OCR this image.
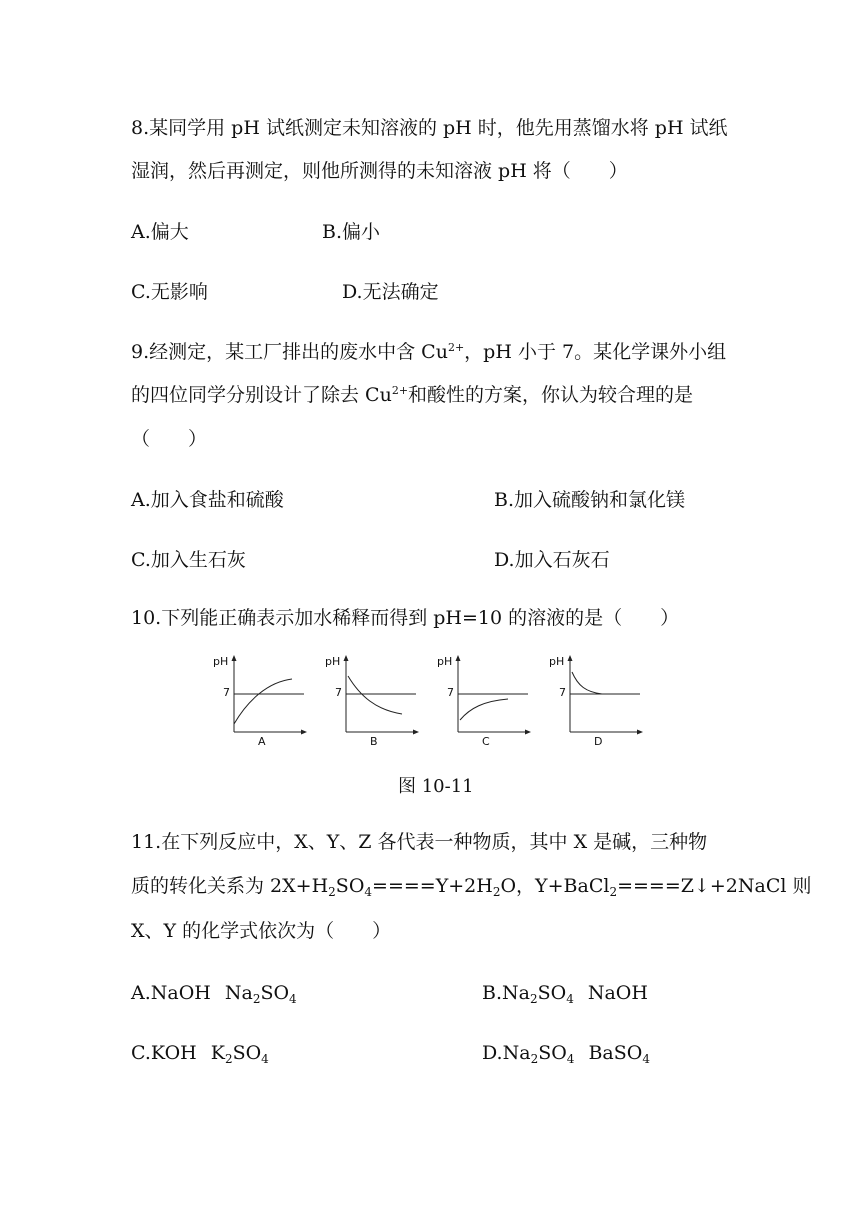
8.某同学用 pH 试纸测定未知溶液的 pH 时，他先用蒸馏水将 pH 试纸
湿润，然后再测定，则他所测得的未知溶液 pH 将（　　）
A.偏大	B.偏小
C.无影响	D.无法确定
9.经测定，某工厂排出的废水中含 $Cu^{2+}$，pH 小于 7。某化学课外小组
的四位同学分别设计了除去 $Cu^{2+}$和酸性的方案，你认为较合理的是
（　　）
A.加入食盐和硫酸	B.加入硫酸钠和氯化镁
C.加入生石灰	D.加入石灰石
10.下列能正确表示加水稀释而得到 pH=10 的溶液的是（　　）
pH
7
A
pH
7
B
pH
7
C
pH
7
D
图 10-11
11.在下列反应中，X、Y、Z 各代表一种物质，其中 X 是碱，三种物
质的转化关系为 $2X+H_2SO_4====Y+2H_2O$，Y+BaCl$_2$====Z↓+2NaCl 则
X、Y 的化学式依次为（　　）
A.NaOH $Na_2SO_4$	$B.Na_2SO_4$ NaOH
C.KOH $K_2SO_4$	$D.Na_2SO_4$ BaSO$_4$
